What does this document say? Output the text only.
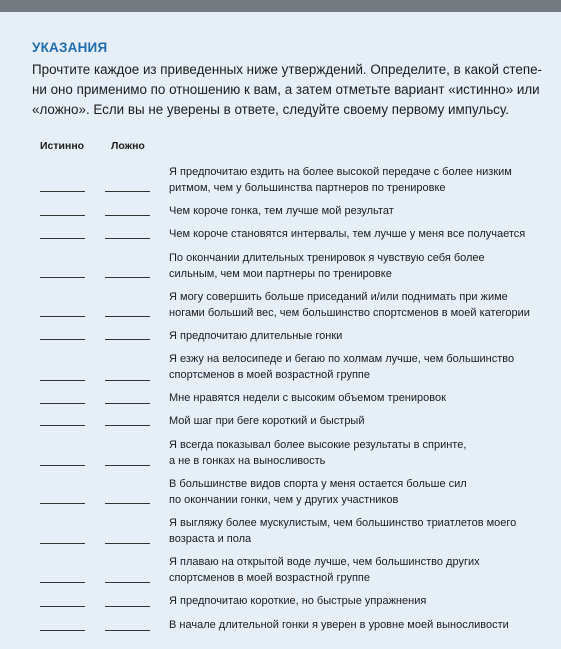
УКАЗАНИЯ
Прочтите каждое из приведенных ниже утверждений. Определите, в какой степе-
ни оно применимо по отношению к вам, а затем отметьте вариант «истинно» или
«ложно». Если вы не уверены в ответе, следуйте своему первому импульсу.
Истинно	Ложно
Я предпочитаю ездить на более высокой передаче с более низким
ритмом, чем у большинства партнеров по тренировке
Чем короче гонка, тем лучше мой результат
Чем короче становятся интервалы, тем лучше у меня все получается
По окончании длительных тренировок я чувствую себя более
сильным, чем мои партнеры по тренировке
Я могу совершить больше приседаний и/или поднимать при жиме
ногами больший вес, чем большинство спортсменов в моей категории
Я предпочитаю длительные гонки
Я езжу на велосипеде и бегаю по холмам лучше, чем большинство
спортсменов в моей возрастной группе
Мне нравятся недели с высоким объемом тренировок
Мой шаг при беге короткий и быстрый
Я всегда показывал более высокие результаты в спринте,
а не в гонках на выносливость
В большинстве видов спорта у меня остается больше сил
по окончании гонки, чем у других участников
Я выгляжу более мускулистым, чем большинство триатлетов моего
возраста и пола
Я плаваю на открытой воде лучше, чем большинство других
спортсменов в моей возрастной группе
Я предпочитаю короткие, но быстрые упражнения
В начале длительной гонки я уверен в уровне моей выносливости
